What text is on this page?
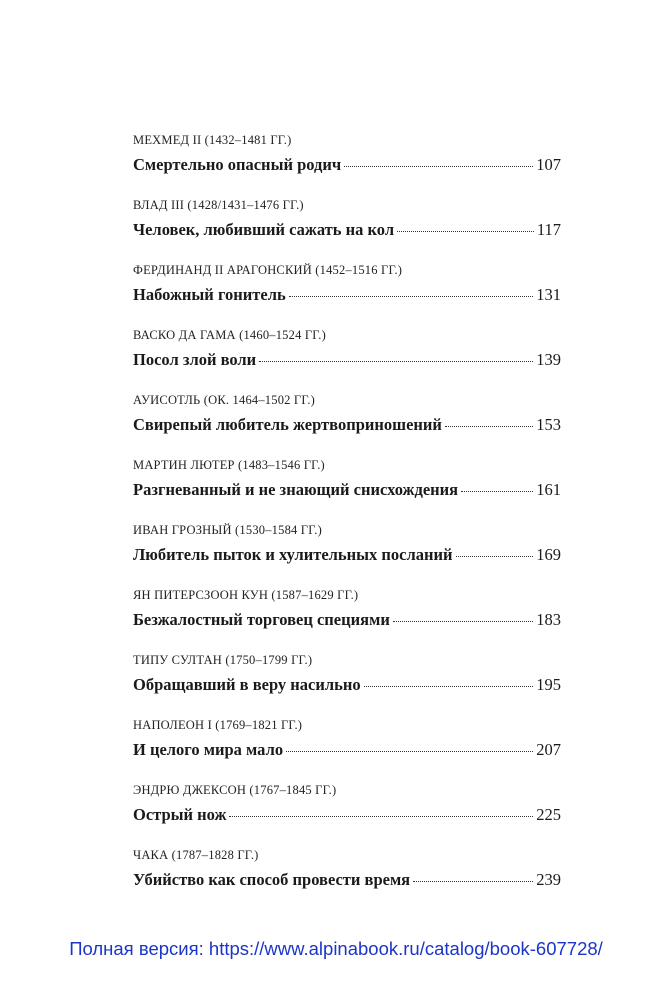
МЕХМЕД II (1432–1481 ГГ.)
Смертельно опасный родич	107
ВЛАД III (1428/1431–1476 ГГ.)
Человек, любивший сажать на кол	117
ФЕРДИНАНД II АРАГОНСКИЙ (1452–1516 ГГ.)
Набожный гонитель	131
ВАСКО ДА ГАМА (1460–1524 ГГ.)
Посол злой воли	139
АУИСОТЛЬ (ОК. 1464–1502 ГГ.)
Свирепый любитель жертвоприношений	153
МАРТИН ЛЮТЕР (1483–1546 ГГ.)
Разгневанный и не знающий снисхождения	161
ИВАН ГРОЗНЫЙ (1530–1584 ГГ.)
Любитель пыток и хулительных посланий	169
ЯН ПИТЕРСЗООН КУН (1587–1629 ГГ.)
Безжалостный торговец специями	183
ТИПУ СУЛТАН (1750–1799 ГГ.)
Обращавший в веру насильно	195
НАПОЛЕОН I (1769–1821 ГГ.)
И целого мира мало	207
ЭНДРЮ ДЖЕКСОН (1767–1845 ГГ.)
Острый нож	225
ЧАКА (1787–1828 ГГ.)
Убийство как способ провести время	239
Полная версия: https://www.alpinabook.ru/catalog/book-607728/
